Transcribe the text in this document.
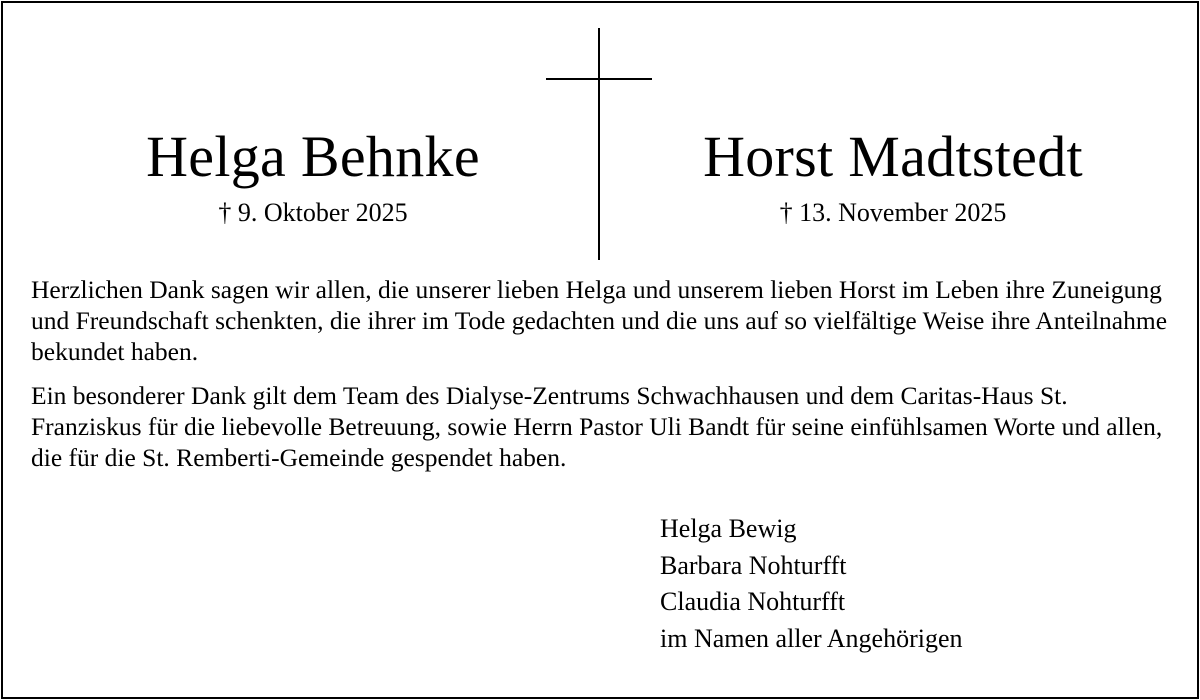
Helga Behnke
† 9. Oktober 2025
Horst Madtstedt
† 13. November 2025

Herzlichen Dank sagen wir allen, die unserer lieben Helga und unserem lieben Horst im Leben ihre Zuneigung und Freundschaft schenkten, die ihrer im Tode gedachten und die uns auf so vielfältige Weise ihre Anteilnahme bekundet haben.

Ein besonderer Dank gilt dem Team des Dialyse-Zentrums Schwachhausen und dem Caritas-Haus St. Franziskus für die liebevolle Betreuung, sowie Herrn Pastor Uli Bandt für seine einfühlsamen Worte und allen, die für die St. Remberti-Gemeinde gespendet haben.

Helga Bewig
Barbara Nohturfft
Claudia Nohturfft
im Namen aller Angehörigen
